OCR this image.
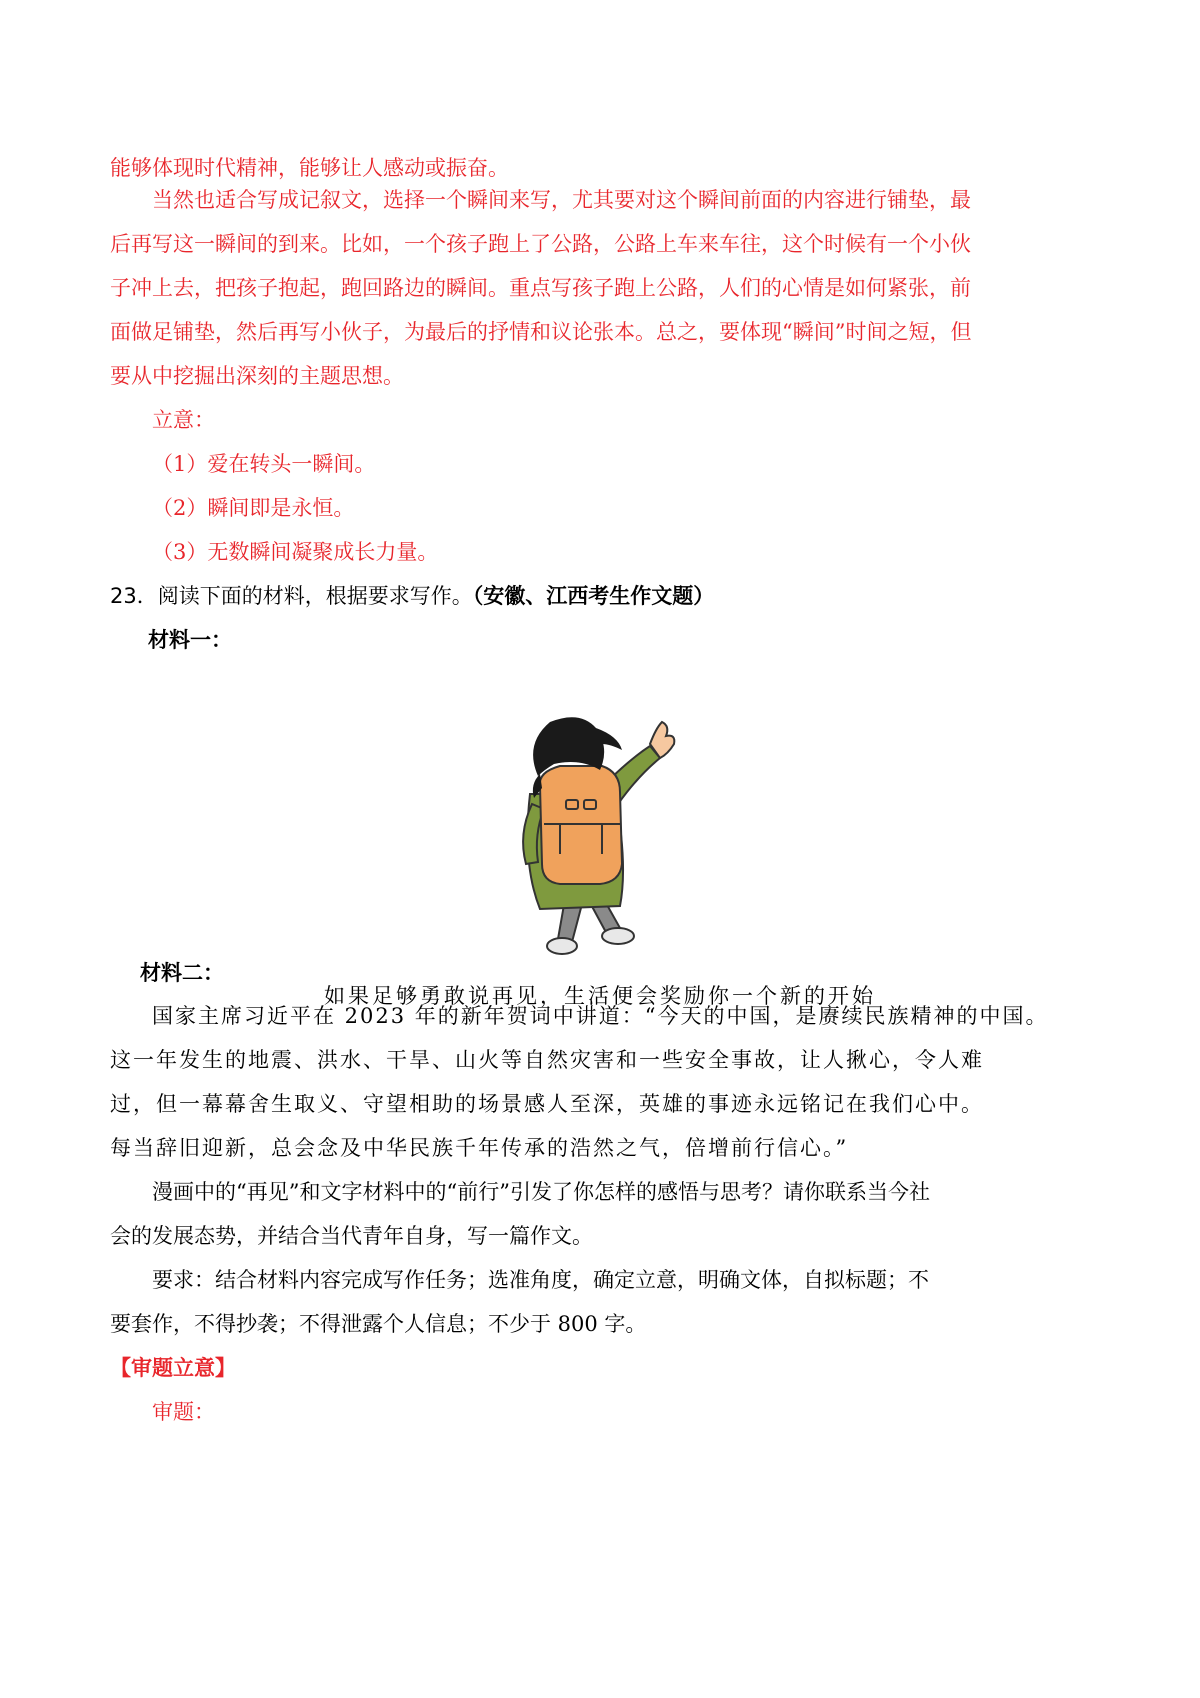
能够体现时代精神，能够让人感动或振奋。
当然也适合写成记叙文，选择一个瞬间来写，尤其要对这个瞬间前面的内容进行铺垫，最
后再写这一瞬间的到来。比如，一个孩子跑上了公路，公路上车来车往，这个时候有一个小伙
子冲上去，把孩子抱起，跑回路边的瞬间。重点写孩子跑上公路，人们的心情是如何紧张，前
面做足铺垫，然后再写小伙子，为最后的抒情和议论张本。总之，要体现“瞬间”时间之短，但
要从中挖掘出深刻的主题思想。
立意：
（1）爱在转头一瞬间。
（2）瞬间即是永恒。
（3）无数瞬间凝聚成长力量。
23．阅读下面的材料，根据要求写作。（安徽、江西考生作文题）
材料一：
如果足够勇敢说再见，生活便会奖励你一个新的开始
材料二：
国家主席习近平在 2023 年的新年贺词中讲道：“今天的中国，是赓续民族精神的中国。
这一年发生的地震、洪水、干旱、山火等自然灾害和一些安全事故，让人揪心，令人难
过，但一幕幕舍生取义、守望相助的场景感人至深，英雄的事迹永远铭记在我们心中。
每当辞旧迎新，总会念及中华民族千年传承的浩然之气，倍增前行信心。”
漫画中的“再见”和文字材料中的“前行”引发了你怎样的感悟与思考？请你联系当今社
会的发展态势，并结合当代青年自身，写一篇作文。
要求：结合材料内容完成写作任务；选准角度，确定立意，明确文体，自拟标题；不
要套作，不得抄袭；不得泄露个人信息；不少于 800 字。
【审题立意】
审题：
